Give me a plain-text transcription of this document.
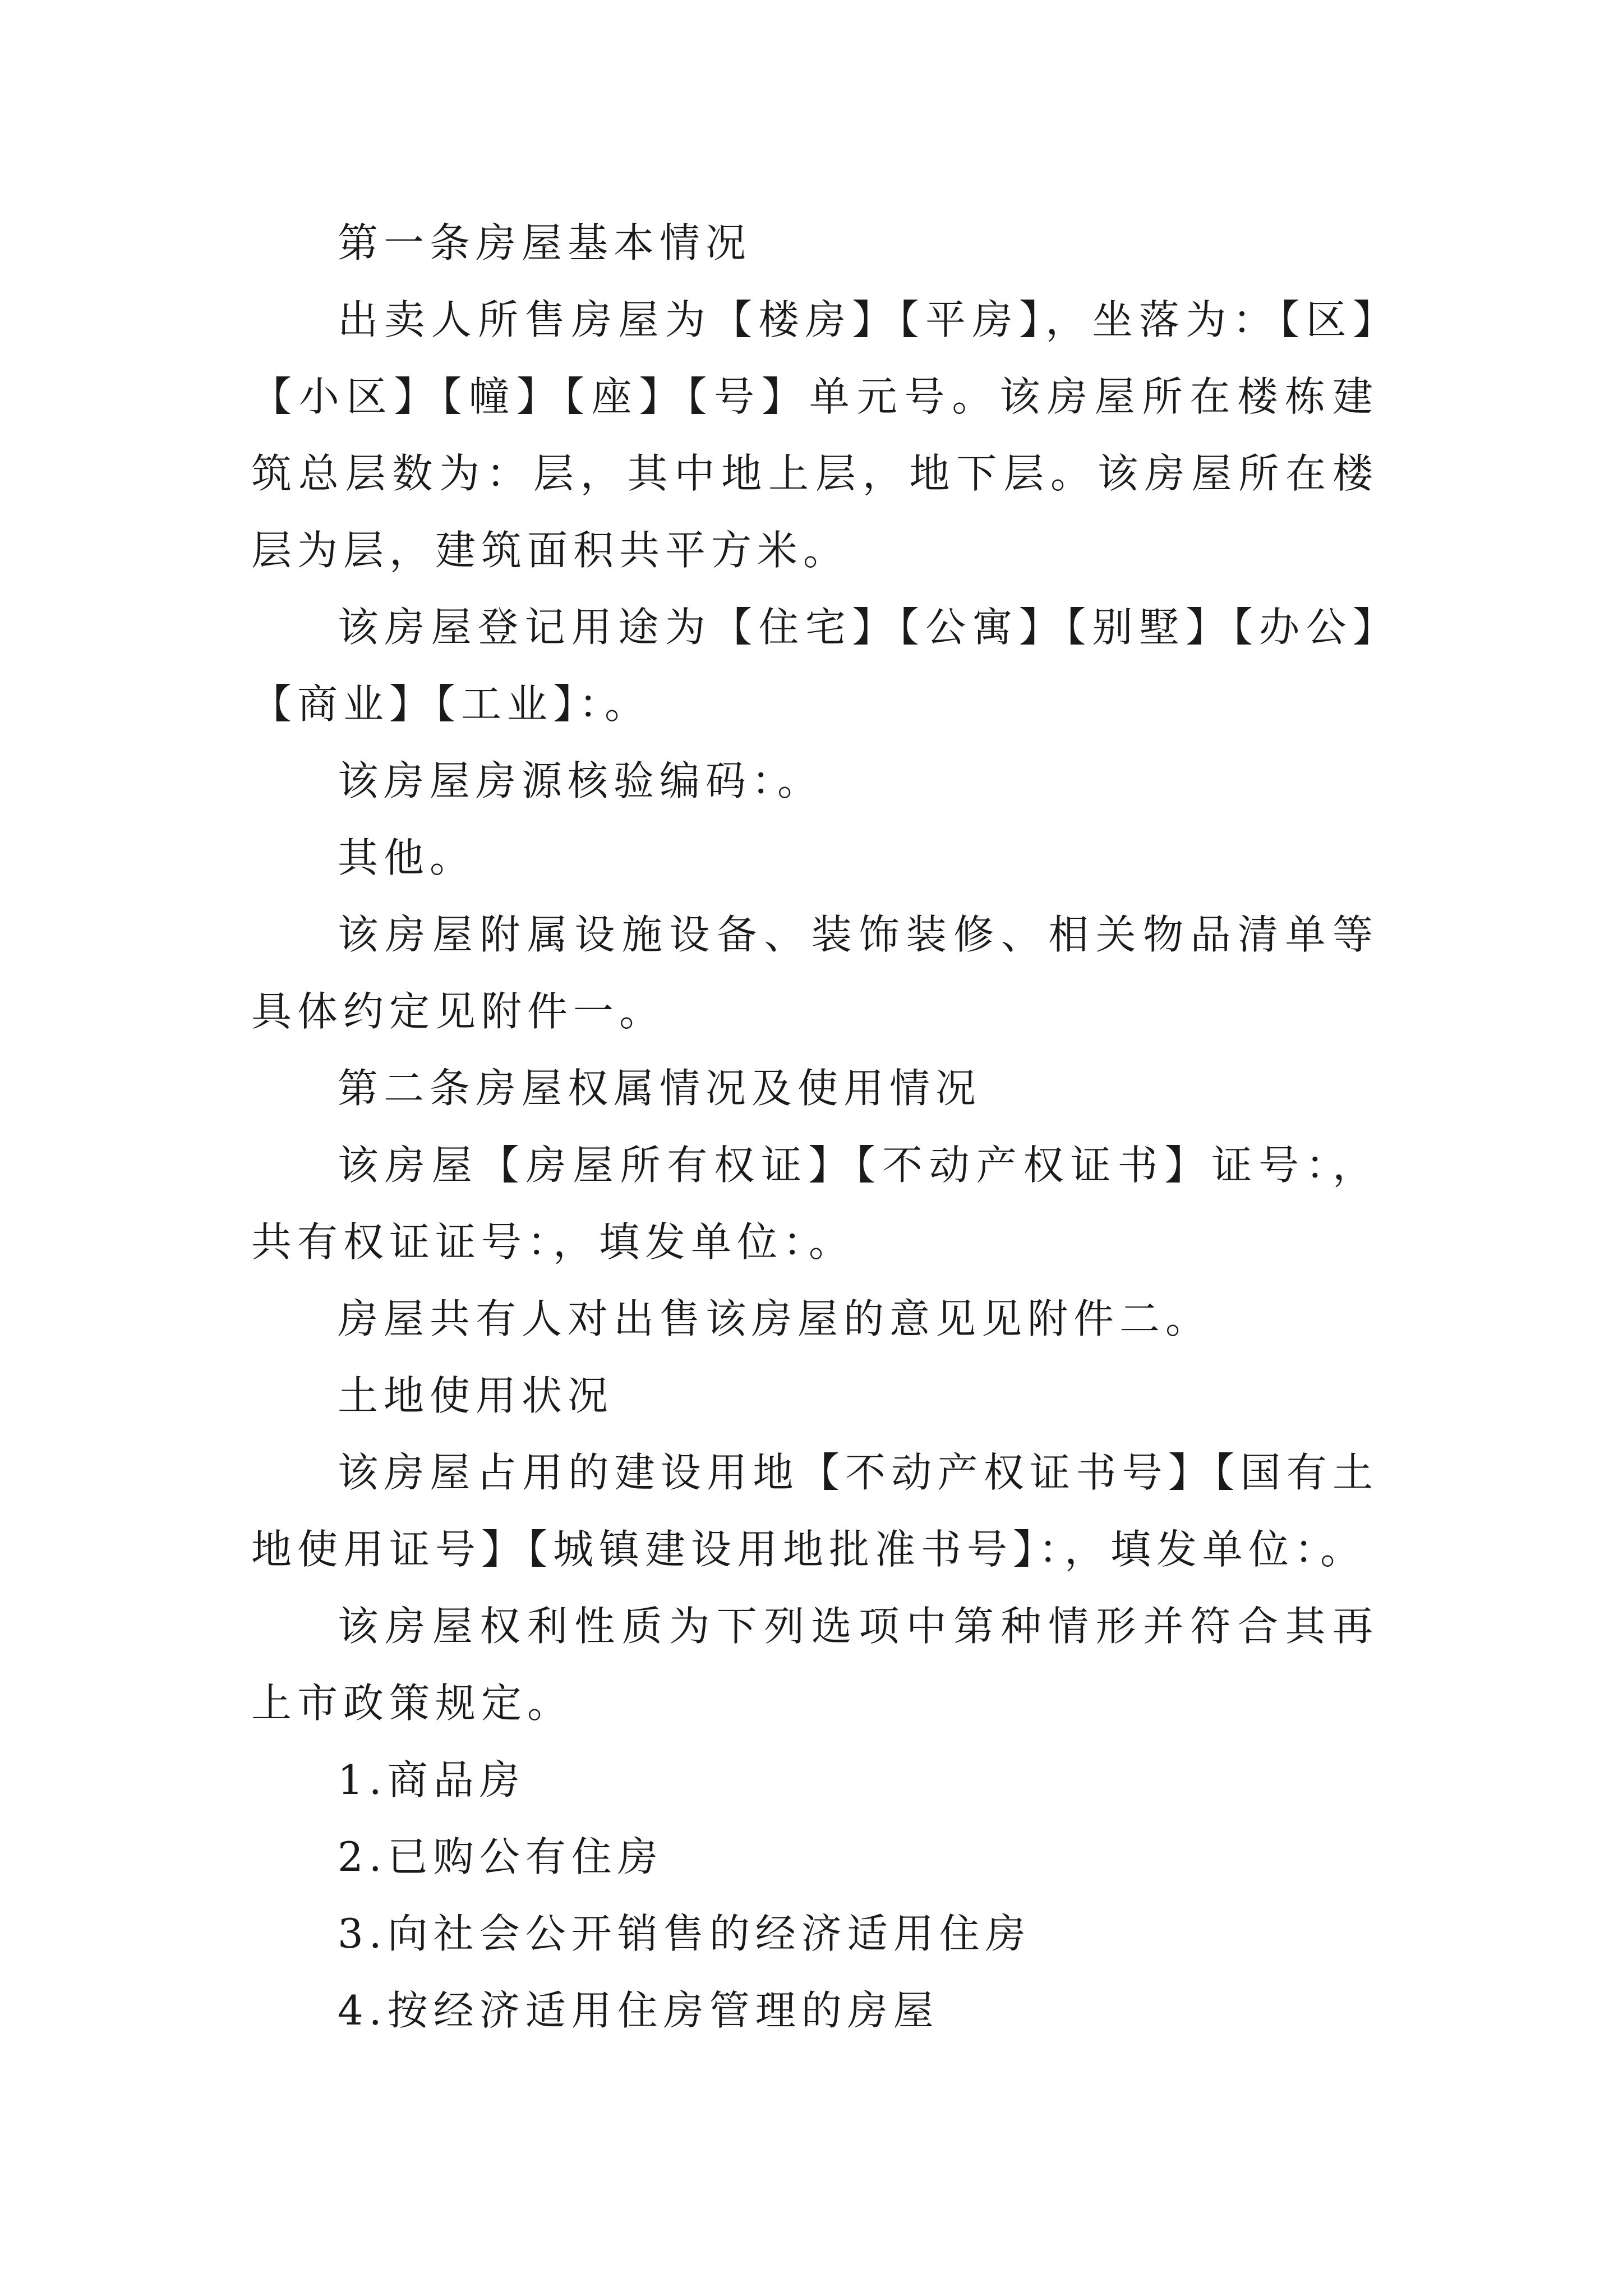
第一条房屋基本情况

出卖人所售房屋为【楼房】【平房】，坐落为：【区】【小区】【幢】【座】【号】单元号。该房屋所在楼栋建筑总层数为：层，其中地上层，地下层。该房屋所在楼层为层，建筑面积共平方米。

该房屋登记用途为【住宅】【公寓】【别墅】【办公】【商业】【工业】：。

该房屋房源核验编码：。

其他。

该房屋附属设施设备、装饰装修、相关物品清单等具体约定见附件一。

第二条房屋权属情况及使用情况

该房屋【房屋所有权证】【不动产权证书】证号：，共有权证证号：，填发单位：。

房屋共有人对出售该房屋的意见见附件二。

土地使用状况

该房屋占用的建设用地【不动产权证书号】【国有土地使用证号】【城镇建设用地批准书号】：，填发单位：。

该房屋权利性质为下列选项中第种情形并符合其再上市政策规定。

1.商品房

2.已购公有住房

3.向社会公开销售的经济适用住房

4.按经济适用住房管理的房屋
